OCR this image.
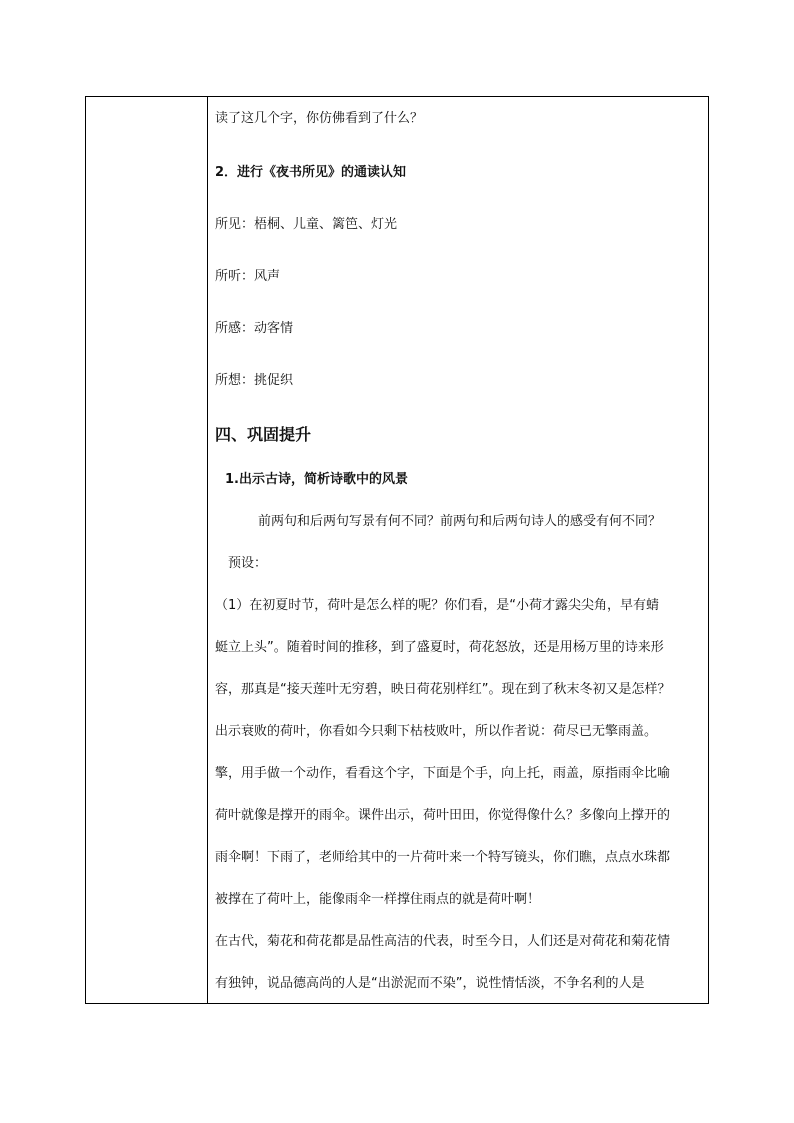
读了这几个字，你仿佛看到了什么？
2．进行《夜书所见》的通读认知
所见：梧桐、儿童、篱笆、灯光
所听：风声
所感：动客情
所想：挑促织
四、巩固提升
1.出示古诗，简析诗歌中的风景
前两句和后两句写景有何不同？前两句和后两句诗人的感受有何不同？
预设：
（1）在初夏时节，荷叶是怎么样的呢？你们看，是“小荷才露尖尖角，早有蜻
蜓立上头”。随着时间的推移，到了盛夏时，荷花怒放，还是用杨万里的诗来形
容，那真是“接天莲叶无穷碧，映日荷花别样红”。现在到了秋末冬初又是怎样？
出示衰败的荷叶，你看如今只剩下枯枝败叶，所以作者说：荷尽已无擎雨盖。
擎，用手做一个动作，看看这个字，下面是个手，向上托，雨盖，原指雨伞比喻
荷叶就像是撑开的雨伞。课件出示，荷叶田田，你觉得像什么？多像向上撑开的
雨伞啊！下雨了，老师给其中的一片荷叶来一个特写镜头，你们瞧，点点水珠都
被撑在了荷叶上，能像雨伞一样撑住雨点的就是荷叶啊！
在古代，菊花和荷花都是品性高洁的代表，时至今日，人们还是对荷花和菊花情
有独钟，说品德高尚的人是“出淤泥而不染”，说性情恬淡，不争名利的人是
